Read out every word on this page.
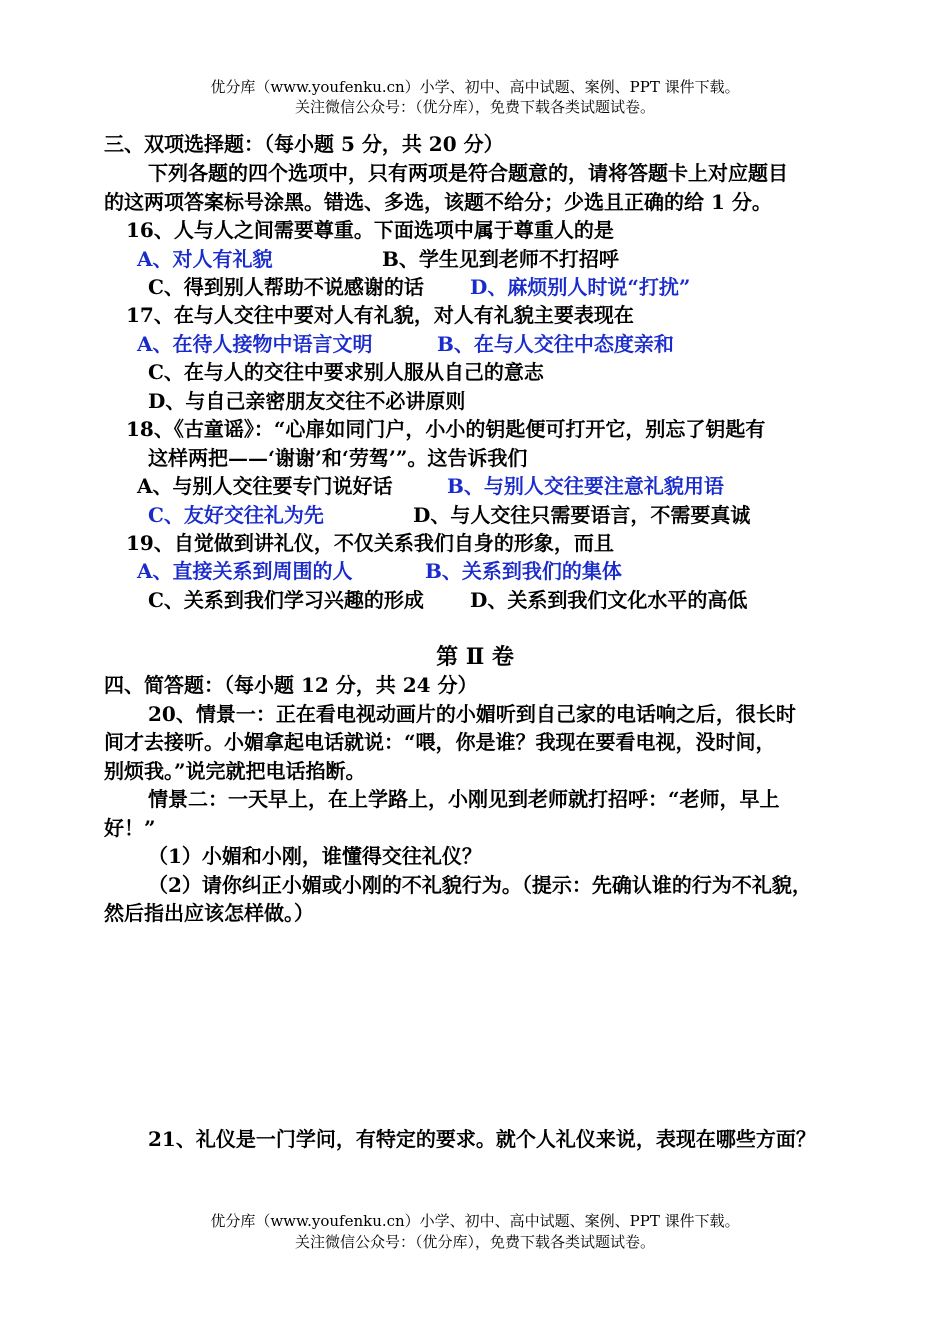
优分库（www.youfenku.cn）小学、初中、高中试题、案例、PPT 课件下载。
关注微信公众号：（优分库），免费下载各类试题试卷。
三、双项选择题：（每小题 5 分，共 20 分）
下列各题的四个选项中，只有两项是符合题意的，请将答题卡上对应题目
的这两项答案标号涂黑。错选、多选，该题不给分；少选且正确的给 1 分。
16、人与人之间需要尊重。下面选项中属于尊重人的是
A、对人有礼貌	B、学生见到老师不打招呼
C、得到别人帮助不说感谢的话 D、麻烦别人时说“打扰”
17、在与人交往中要对人有礼貌，对人有礼貌主要表现在
A、在待人接物中语言文明	B、在与人交往中态度亲和
C、在与人的交往中要求别人服从自己的意志
D、与自己亲密朋友交往不必讲原则
18、《古童谣》：“心扉如同门户，小小的钥匙便可打开它，别忘了钥匙有
这样两把——‘谢谢’和‘劳驾’”。这告诉我们
A、与别人交往要专门说好话	B、与别人交往要注意礼貌用语
C、友好交往礼为先	D、与人交往只需要语言，不需要真诚
19、自觉做到讲礼仪，不仅关系我们自身的形象，而且
A、直接关系到周围的人	B、关系到我们的集体
C、关系到我们学习兴趣的形成 D、关系到我们文化水平的高低
第 Ⅱ 卷
四、简答题：（每小题 12 分，共 24 分）
20、情景一：正在看电视动画片的小媚听到自己家的电话响之后，很长时
间才去接听。小媚拿起电话就说：“喂，你是谁？我现在要看电视，没时间，
别烦我。”说完就把电话掐断。
情景二：一天早上，在上学路上，小刚见到老师就打招呼：“老师，早上
好！”
（1）小媚和小刚，谁懂得交往礼仪？
（2）请你纠正小媚或小刚的不礼貌行为。（提示：先确认谁的行为不礼貌，
然后指出应该怎样做。）
21、礼仪是一门学问，有特定的要求。就个人礼仪来说，表现在哪些方面？
优分库（www.youfenku.cn）小学、初中、高中试题、案例、PPT 课件下载。
关注微信公众号：（优分库），免费下载各类试题试卷。
